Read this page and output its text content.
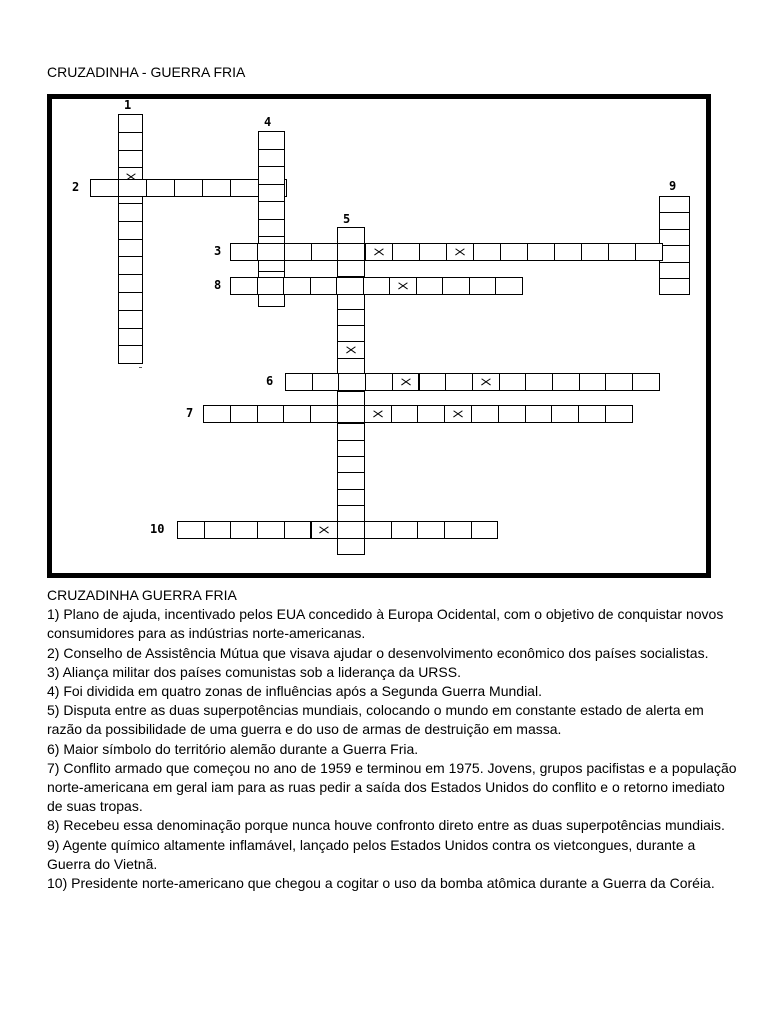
CRUZADINHA - GUERRA FRIA
1
2
4
9
3
5
8
6
7
10
CRUZADINHA GUERRA FRIA

1) Plano de ajuda, incentivado pelos EUA concedido à Europa Ocidental, com o objetivo de conquistar novos consumidores para as indústrias norte-americanas.

2) Conselho de Assistência Mútua que visava ajudar o desenvolvimento econômico dos países socialistas.

3) Aliança militar dos países comunistas sob a liderança da URSS.

4) Foi dividida em quatro zonas de influências após a Segunda Guerra Mundial.

5) Disputa entre as duas superpotências mundiais, colocando o mundo em constante estado de alerta em razão da possibilidade de uma guerra e do uso de armas de destruição em massa.

6) Maior símbolo do território alemão durante a Guerra Fria.

7) Conflito armado que começou no ano de 1959 e terminou em 1975. Jovens, grupos pacifistas e a população norte-americana em geral iam para as ruas pedir a saída dos Estados Unidos do conflito e o retorno imediato de suas tropas.

8) Recebeu essa denominação porque nunca houve confronto direto entre as duas superpotências mundiais.

9) Agente químico altamente inflamável, lançado pelos Estados Unidos contra os vietcongues, durante a Guerra do Vietnã.

10) Presidente norte-americano que chegou a cogitar o uso da bomba atômica durante a Guerra da Coréia.
